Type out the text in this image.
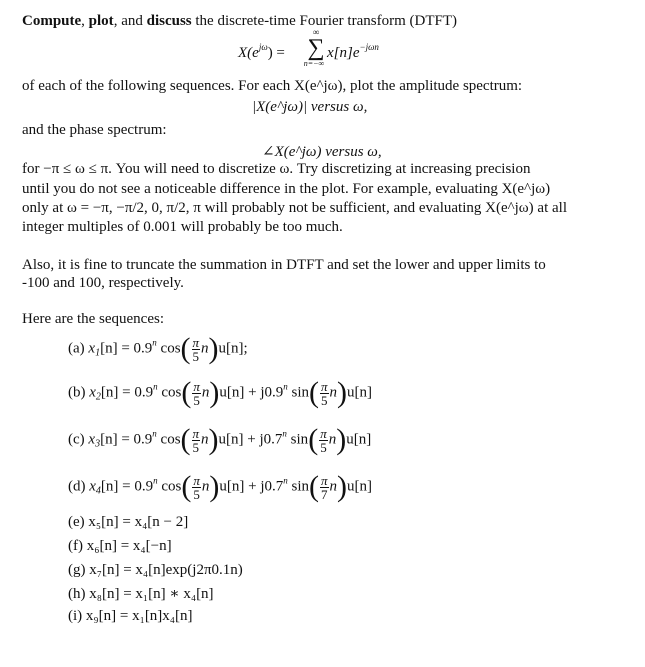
Compute, plot, and discuss the discrete-time Fourier transform (DTFT)
$X(e^{j\omega})$ =
∞
∑
n=−∞
$x[n]e^{-j\omega n}$
of each of the following sequences. For each X(e^jω), plot the amplitude spectrum:
|X(e^jω)| versus ω,
and the phase spectrum:
∠X(e^jω) versus ω,
for −π ≤ ω ≤ π. You will need to discretize ω. Try discretizing at increasing precision
until you do not see a noticeable difference in the plot. For example, evaluating X(e^jω)
only at ω = −π, −π/2, 0, π/2, π will probably not be sufficient, and evaluating X(e^jω) at all
integer multiples of 0.001 will probably be too much.
Also, it is fine to truncate the summation in DTFT and set the lower and upper limits to
-100 and 100, respectively.
Here are the sequences:
(a) $x_1[n] = 0.9^n$ $\cos( \frac{\pi}{5} n)u[n]$;
(b) $x_2[n] = 0.9^n$ $\cos( \frac{\pi}{5} n)u[n] + j0.9^n$ $\sin( \frac{\pi}{5} n)u[n]$
(c) $x_3[n] = 0.9^n$ $\cos( \frac{\pi}{5} n)u[n] + j0.7^n$ $\sin( \frac{\pi}{5} n)u[n]$
(d) $x_4[n] = 0.9^n$ $\cos( \frac{\pi}{5} n)u[n] + j0.7^n$ $\sin( \frac{\pi}{7} n)u[n]$
(e) x₅[n] = x₄[n − 2]
(f) x₆[n] = x₄[−n]
(g) x₇[n] = x₄[n]exp(j2π0.1n)
(h) x₈[n] = x₁[n] ∗ x₄[n]
(i) x₉[n] = x₁[n]x₄[n]
